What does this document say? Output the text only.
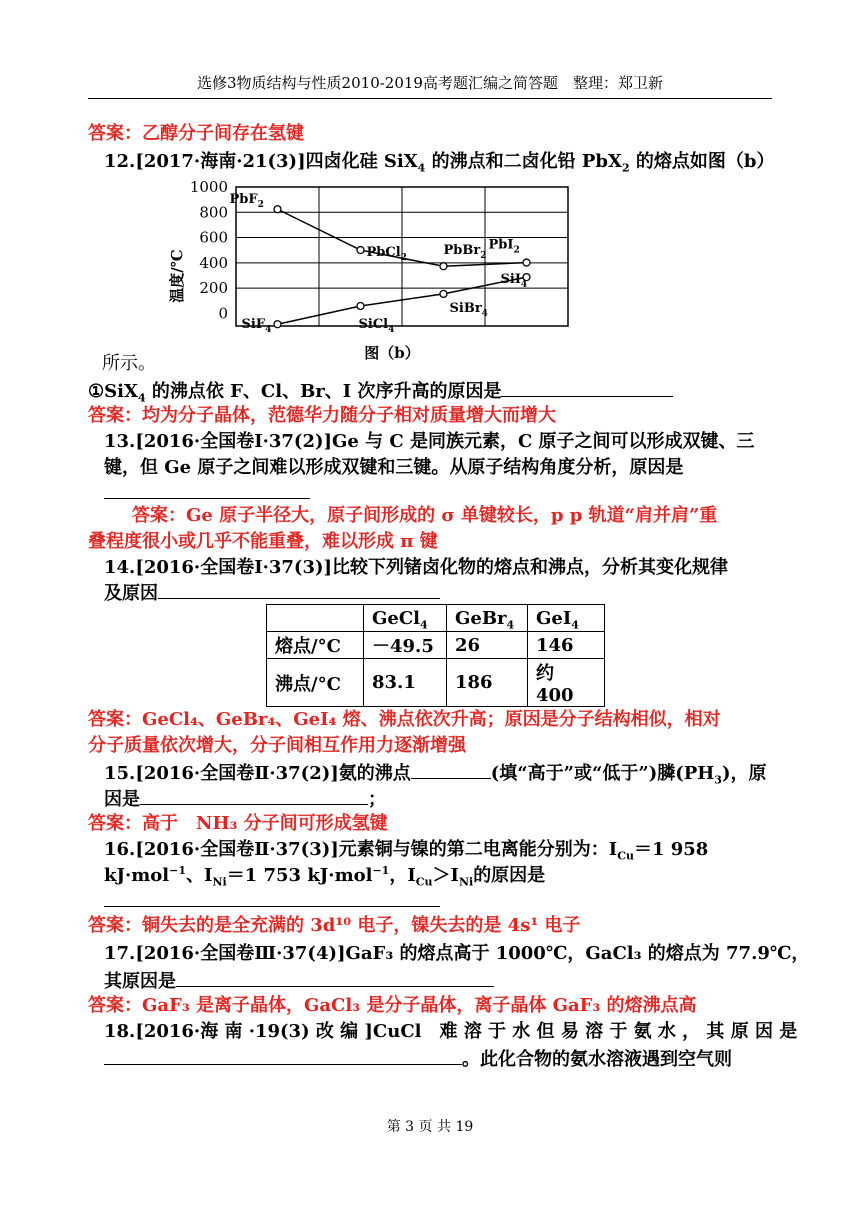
选修3物质结构与性质2010-2019高考题汇编之简答题　整理：郑卫新
答案：乙醇分子间存在氢键
12.[2017·海南·21(3)]四卤化硅 SiX$_4$ 的沸点和二卤化铅 PbX$_2$ 的熔点如图（b）
1000
800
600
400
200
0
温度/℃
PbF$_2$
PbCl$_2$	PbBr$_2$
PbI$_2$
SiF$_4$	SiCl$_4$
SiBr$_4$
SiI$_4$
图（b）
所示。
①SiX$_4$ 的沸点依 F、Cl、Br、I 次序升高的原因是
答案：均为分子晶体，范德华力随分子相对质量增大而增大
13.[2016·全国卷Ⅰ·37(2)]Ge 与 C 是同族元素，C 原子之间可以形成双键、三
键，但 Ge 原子之间难以形成双键和三键。从原子结构角度分析，原因是
答案：Ge 原子半径大，原子间形成的 σ 单键较长，p p 轨道“肩并肩”重
叠程度很小或几乎不能重叠，难以形成 π 键
14.[2016·全国卷Ⅰ·37(3)]比较下列锗卤化物的熔点和沸点，分析其变化规律
及原因
	GeCl$_4$	GeBr$_4$	GeI$_4$
熔点/°C	－49.5	26	146
沸点/°C	83.1	186	约 400
答案：GeCl₄、GeBr₄、GeI₄ 熔、沸点依次升高；原因是分子结构相似，相对
分子质量依次增大，分子间相互作用力逐渐增强
15.[2016·全国卷Ⅱ·37(2)]氨的沸点	(填“高于”或“低于”)膦$(PH_3)$，原
因是	；
答案：高于　NH₃ 分子间可形成氢键
16.[2016·全国卷Ⅱ·37(3)]元素铜与镍的第二电离能分别为：$I_{Cu}=1$ 958
kJ·mol$^{-1}$、$I_{Ni}=1$ 753 kJ·mol$^{-1}$，$I_{Cu}>I_{Ni}$的原因是
答案：铜失去的是全充满的 3d¹⁰ 电子，镍失去的是 4s¹ 电子
17.[2016·全国卷Ⅲ·37(4)]GaF₃ 的熔点高于 1000℃，GaCl₃ 的熔点为 77.9℃，
其原因是
答案：GaF₃ 是离子晶体，GaCl₃ 是分子晶体，离子晶体 GaF₃ 的熔沸点高
18.[2016·海 南 ·19(3) 改 编 ]CuCl　难 溶 于 水 但 易 溶 于 氨 水 ， 其 原 因 是
。此化合物的氨水溶液遇到空气则
第 3 页 共 19
